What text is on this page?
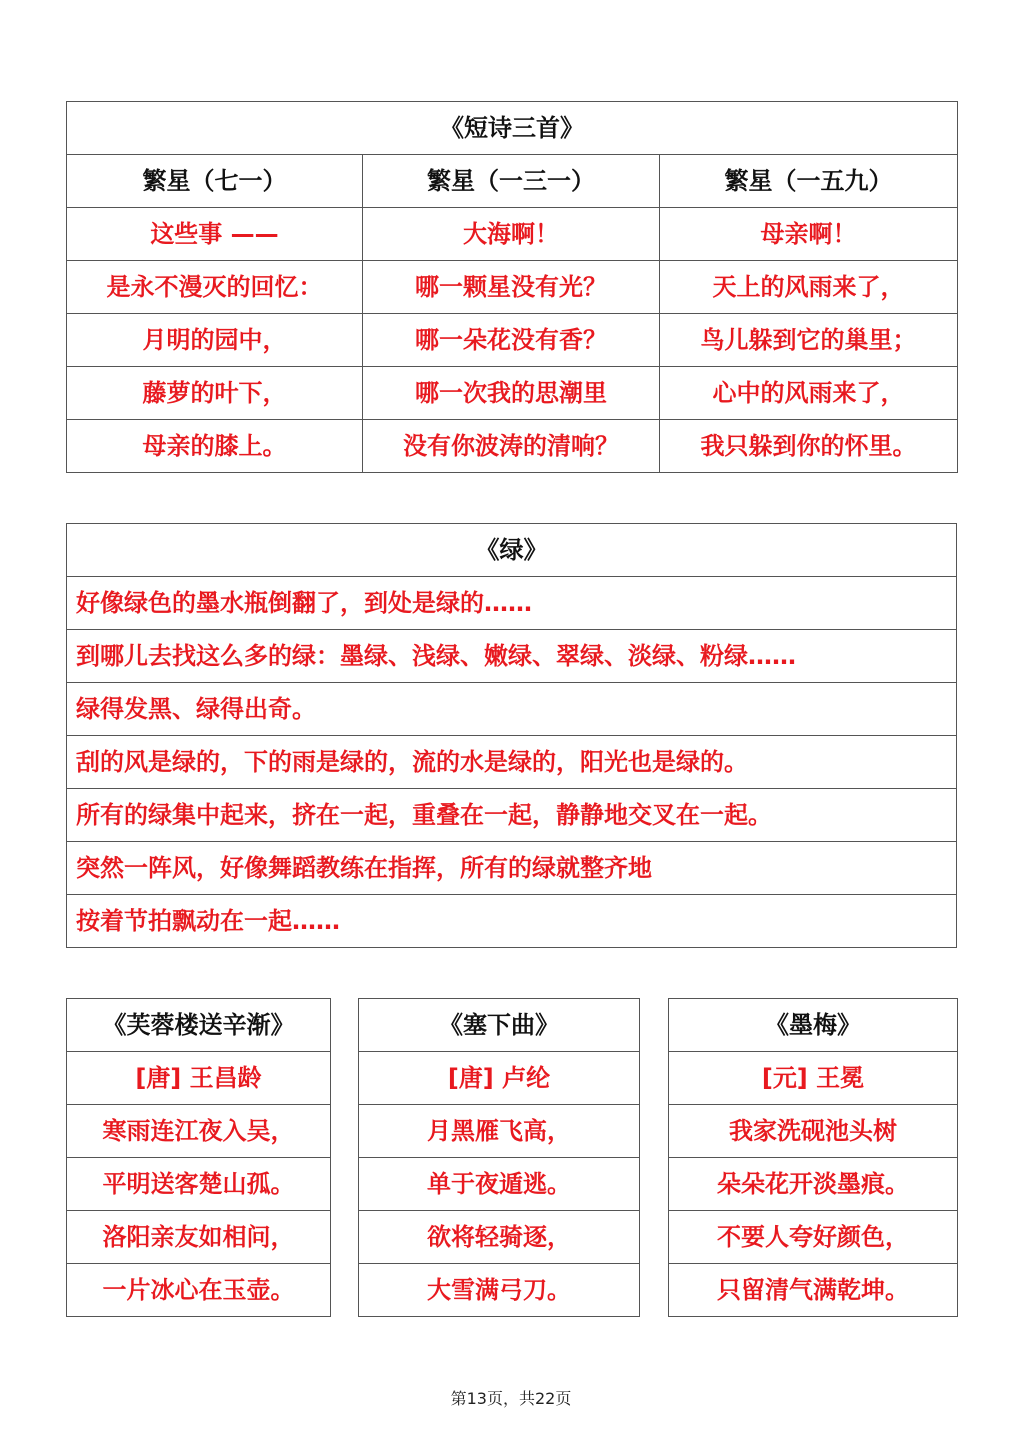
《短诗三首》		
繁星（七一）	繁星（一三一）	繁星（一五九）
这些事 ——	大海啊！	母亲啊！
是永不漫灭的回忆：	哪一颗星没有光？	天上的风雨来了，
月明的园中，	哪一朵花没有香？	鸟儿躲到它的巢里；
藤萝的叶下，	哪一次我的思潮里	心中的风雨来了，
母亲的膝上。	没有你波涛的清响？	我只躲到你的怀里。
《绿》
好像绿色的墨水瓶倒翻了，到处是绿的……
到哪儿去找这么多的绿：墨绿、浅绿、嫩绿、翠绿、淡绿、粉绿……
绿得发黑、绿得出奇。
刮的风是绿的，下的雨是绿的，流的水是绿的，阳光也是绿的。
所有的绿集中起来，挤在一起，重叠在一起，静静地交叉在一起。
突然一阵风，好像舞蹈教练在指挥，所有的绿就整齐地
按着节拍飘动在一起……
《芙蓉楼送辛渐》
[唐] 王昌龄
寒雨连江夜入吴，
平明送客楚山孤。
洛阳亲友如相问，
一片冰心在玉壶。
《塞下曲》
[唐] 卢纶
月黑雁飞高，
单于夜遁逃。
欲将轻骑逐，
大雪满弓刀。
《墨梅》
[元] 王冕
我家洗砚池头树
朵朵花开淡墨痕。
不要人夸好颜色，
只留清气满乾坤。
第13页，共22页
